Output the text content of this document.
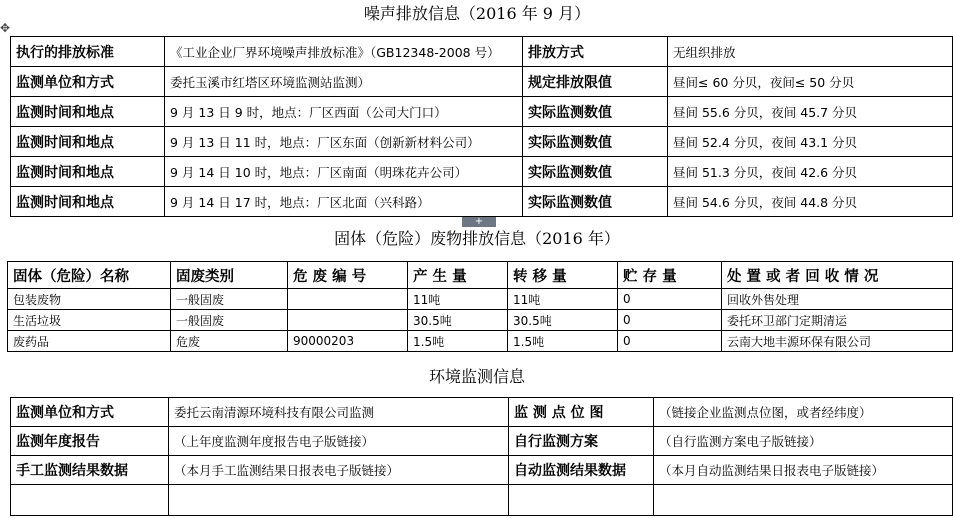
✥
噪声排放信息（2016 年 9 月）
执行的排放标准	《工业企业厂界环境噪声排放标准》（GB12348-2008 号）	排放方式	无组织排放
监测单位和方式	委托玉溪市红塔区环境监测站监测）	规定排放限值	昼间≤ 60 分贝，夜间≤ 50 分贝
监测时间和地点	9 月 13 日 9 时，地点：厂区西面（公司大门口）	实际监测数值	昼间 55.6 分贝，夜间 45.7 分贝
监测时间和地点	9 月 13 日 11 时，地点：厂区东面（创新新材料公司）	实际监测数值	昼间 52.4 分贝，夜间 43.1 分贝
监测时间和地点	9 月 14 日 10 时，地点：厂区南面（明珠花卉公司）	实际监测数值	昼间 51.3 分贝，夜间 42.6 分贝
监测时间和地点	9 月 14 日 17 时，地点：厂区北面（兴科路）	实际监测数值	昼间 54.6 分贝，夜间 44.8 分贝
+
固体（危险）废物排放信息（2016 年）
固体（危险）名称	固废类别	危 废 编 号	产 生 量	转 移 量	贮 存 量	处 置 或 者 回 收 情 况
包装废物	一般固废		11吨	11吨	0	回收外售处理
生活垃圾	一般固废		30.5吨	30.5吨	0	委托环卫部门定期清运
废药品	危废	90000203	1.5吨	1.5吨	0	云南大地丰源环保有限公司
环境监测信息
监测单位和方式	委托云南清源环境科技有限公司监测	监 测 点 位 图	（链接企业监测点位图，或者经纬度）
监测年度报告	（上年度监测年度报告电子版链接）	自行监测方案	（自行监测方案电子版链接）
手工监测结果数据	（本月手工监测结果日报表电子版链接）	自动监测结果数据	（本月自动监测结果日报表电子版链接）
